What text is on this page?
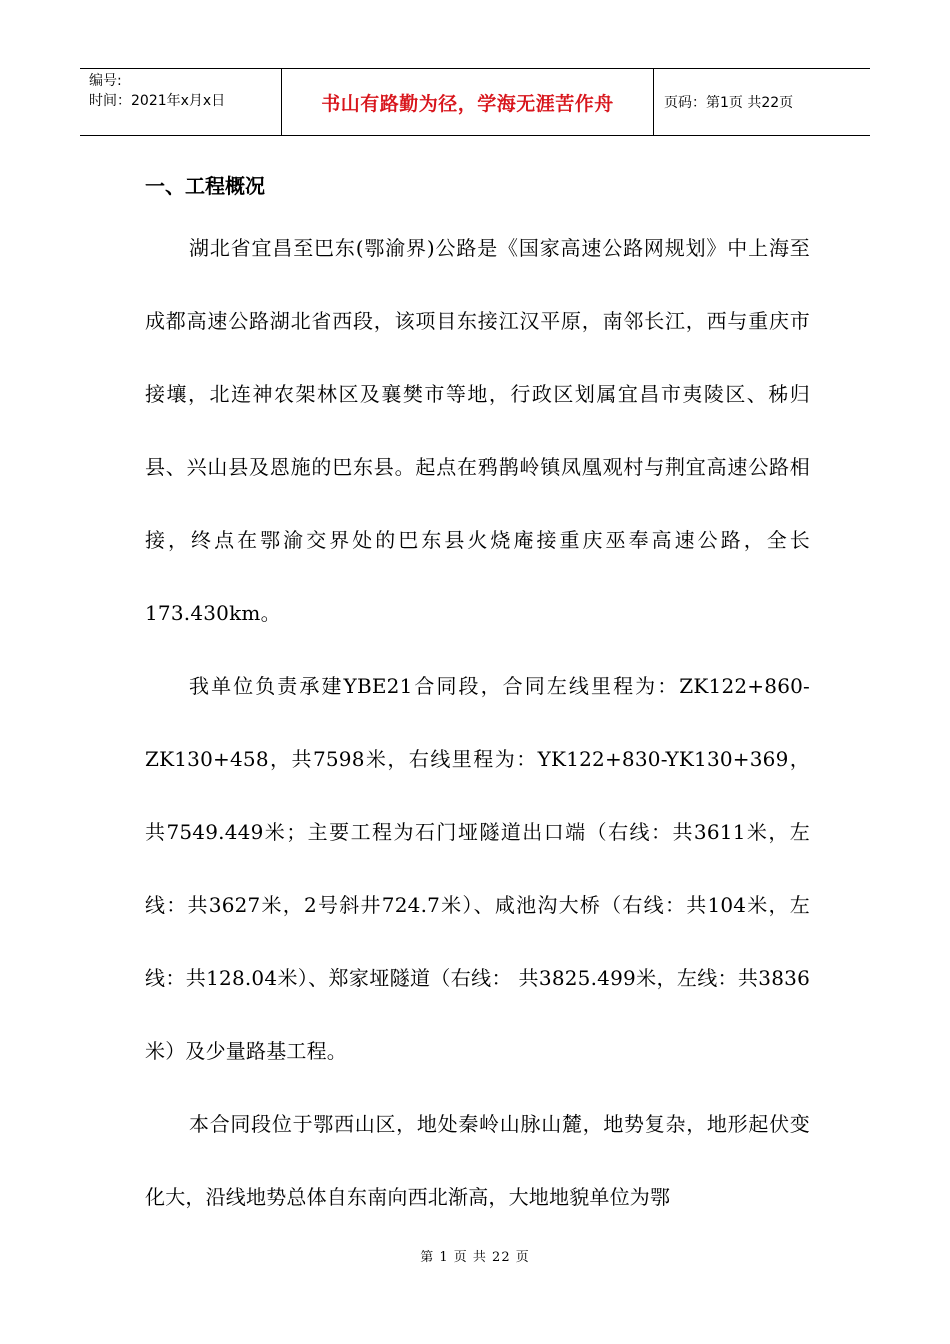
编号:
时间：2021年x月x日	书山有路勤为径，学海无涯苦作舟	页码：第1页 共22页
一、工程概况

湖北省宜昌至巴东(鄂渝界)公路是《国家高速公路网规划》中上海至成都高速公路湖北省西段，该项目东接江汉平原，南邻长江，西与重庆市接壤，北连神农架林区及襄樊市等地，行政区划属宜昌市夷陵区、秭归县、兴山县及恩施的巴东县。起点在鸦鹊岭镇凤凰观村与荆宜高速公路相接，终点在鄂渝交界处的巴东县火烧庵接重庆巫奉高速公路，全长173.430km。

我单位负责承建YBE21合同段，合同左线里程为：ZK122+860-ZK130+458，共7598米，右线里程为：YK122+830-YK130+369，共7549.449米；主要工程为石门垭隧道出口端（右线：共3611米，左线：共3627米，2号斜井724.7米）、咸池沟大桥（右线：共104米，左线：共128.04米）、郑家垭隧道（右线： 共3825.499米，左线：共3836米）及少量路基工程。

本合同段位于鄂西山区，地处秦岭山脉山麓，地势复杂，地形起伏变化大，沿线地势总体自东南向西北渐高，大地地貌单位为鄂

第 1 页 共 22 页
